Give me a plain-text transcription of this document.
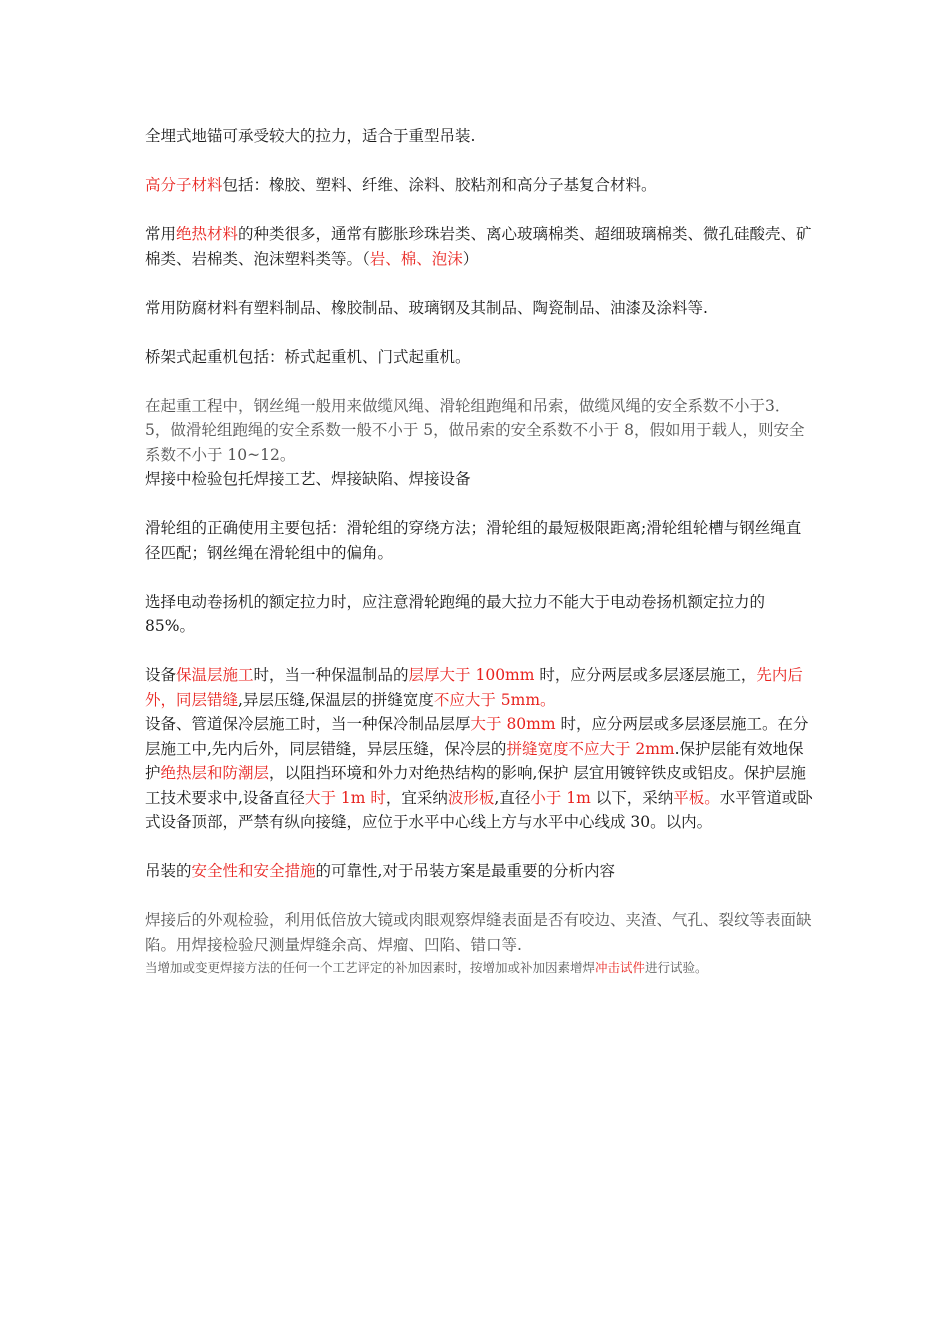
全埋式地锚可承受较大的拉力，适合于重型吊装.

高分子材料包括：橡胶、塑料、纤维、涂料、胶粘剂和高分子基复合材料。

常用绝热材料的种类很多，通常有膨胀珍珠岩类、离心玻璃棉类、超细玻璃棉类、微孔硅酸壳、矿棉类、岩棉类、泡沫塑料类等。（岩、棉、泡沫）

常用防腐材料有塑料制品、橡胶制品、玻璃钢及其制品、陶瓷制品、油漆及涂料等.

桥架式起重机包括：桥式起重机、门式起重机。

在起重工程中，钢丝绳一般用来做缆风绳、滑轮组跑绳和吊索，做缆风绳的安全系数不小于3．5，做滑轮组跑绳的安全系数一般不小于 5，做吊索的安全系数不小于 8，假如用于载人，则安全系数不小于 10~12。

焊接中检验包托焊接工艺、焊接缺陷、焊接设备

滑轮组的正确使用主要包括：滑轮组的穿绕方法；滑轮组的最短极限距离;滑轮组轮槽与钢丝绳直径匹配；钢丝绳在滑轮组中的偏角。

选择电动卷扬机的额定拉力时，应注意滑轮跑绳的最大拉力不能大于电动卷扬机额定拉力的 85%。

设备保温层施工时，当一种保温制品的层厚大于 100mm 时，应分两层或多层逐层施工，先内后外，同层错缝,异层压缝,保温层的拼缝宽度不应大于 5mm。

设备、管道保冷层施工时，当一种保冷制品层厚大于 80mm 时，应分两层或多层逐层施工。在分层施工中,先内后外，同层错缝，异层压缝，保冷层的拼缝宽度不应大于 2mm.保护层能有效地保护绝热层和防潮层，以阻挡环境和外力对绝热结构的影响,保护 层宜用镀锌铁皮或铝皮。保护层施工技术要求中,设备直径大于 1m 时，宜采纳波形板,直径小于 1m 以下，采纳平板。水平管道或卧式设备顶部，严禁有纵向接缝，应位于水平中心线上方与水平中心线成 30。以内。

吊装的安全性和安全措施的可靠性,对于吊装方案是最重要的分析内容

焊接后的外观检验，利用低倍放大镜或肉眼观察焊缝表面是否有咬边、夹渣、气孔、裂纹等表面缺陷。用焊接检验尺测量焊缝余高、焊瘤、凹陷、错口等.

当增加或变更焊接方法的任何一个工艺评定的补加因素时，按增加或补加因素增焊冲击试件进行试验。
